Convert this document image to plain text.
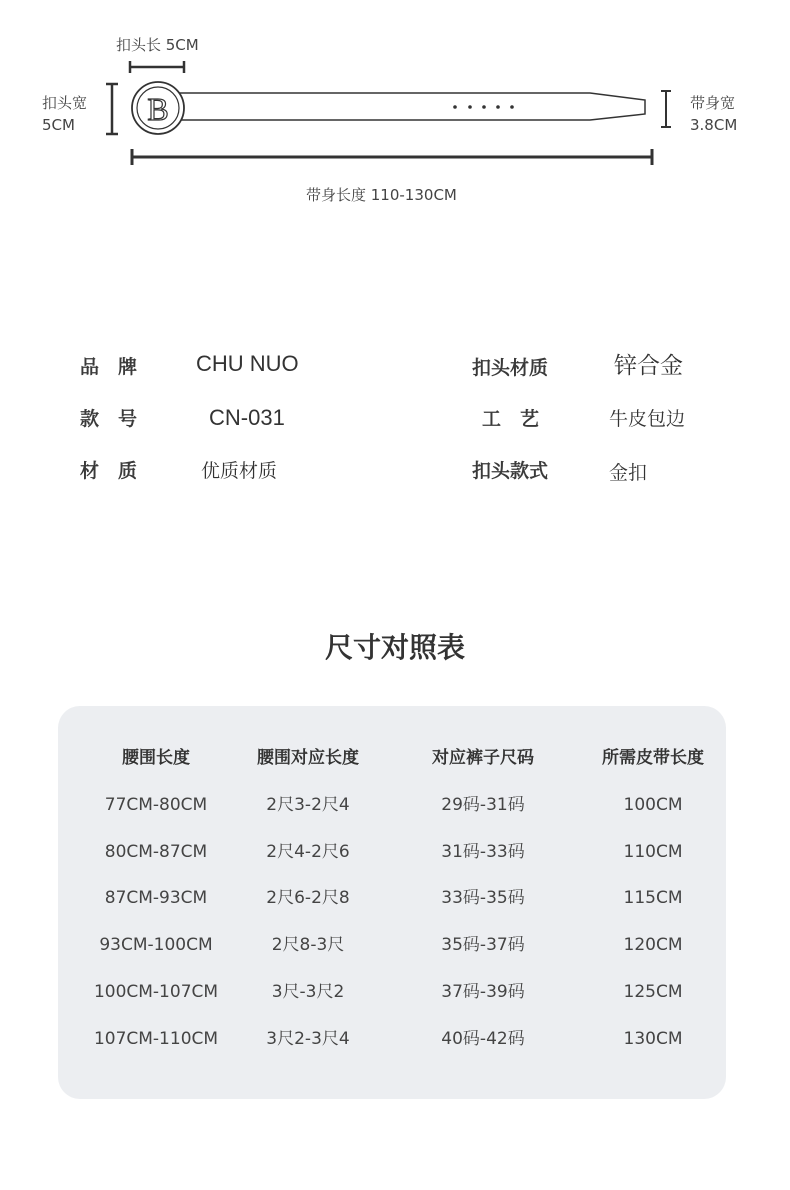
B
扣头长 5CM
扣头宽
5CM
带身宽
3.8CM
带身长度 110-130CM
品　牌	CHU NUO
款　号	CN-031
材　质	优质材质
扣头材质	锌合金
工　艺	牛皮包边
扣头款式	金扣
尺寸对照表
腰围长度	腰围对应长度	对应裤子尺码	所需皮带长度
77CM-80CM	2尺3-2尺4	29码-31码	100CM
80CM-87CM	2尺4-2尺6	31码-33码	110CM
87CM-93CM	2尺6-2尺8	33码-35码	115CM
93CM-100CM	2尺8-3尺	35码-37码	120CM
100CM-107CM	3尺-3尺2	37码-39码	125CM
107CM-110CM	3尺2-3尺4	40码-42码	130CM
